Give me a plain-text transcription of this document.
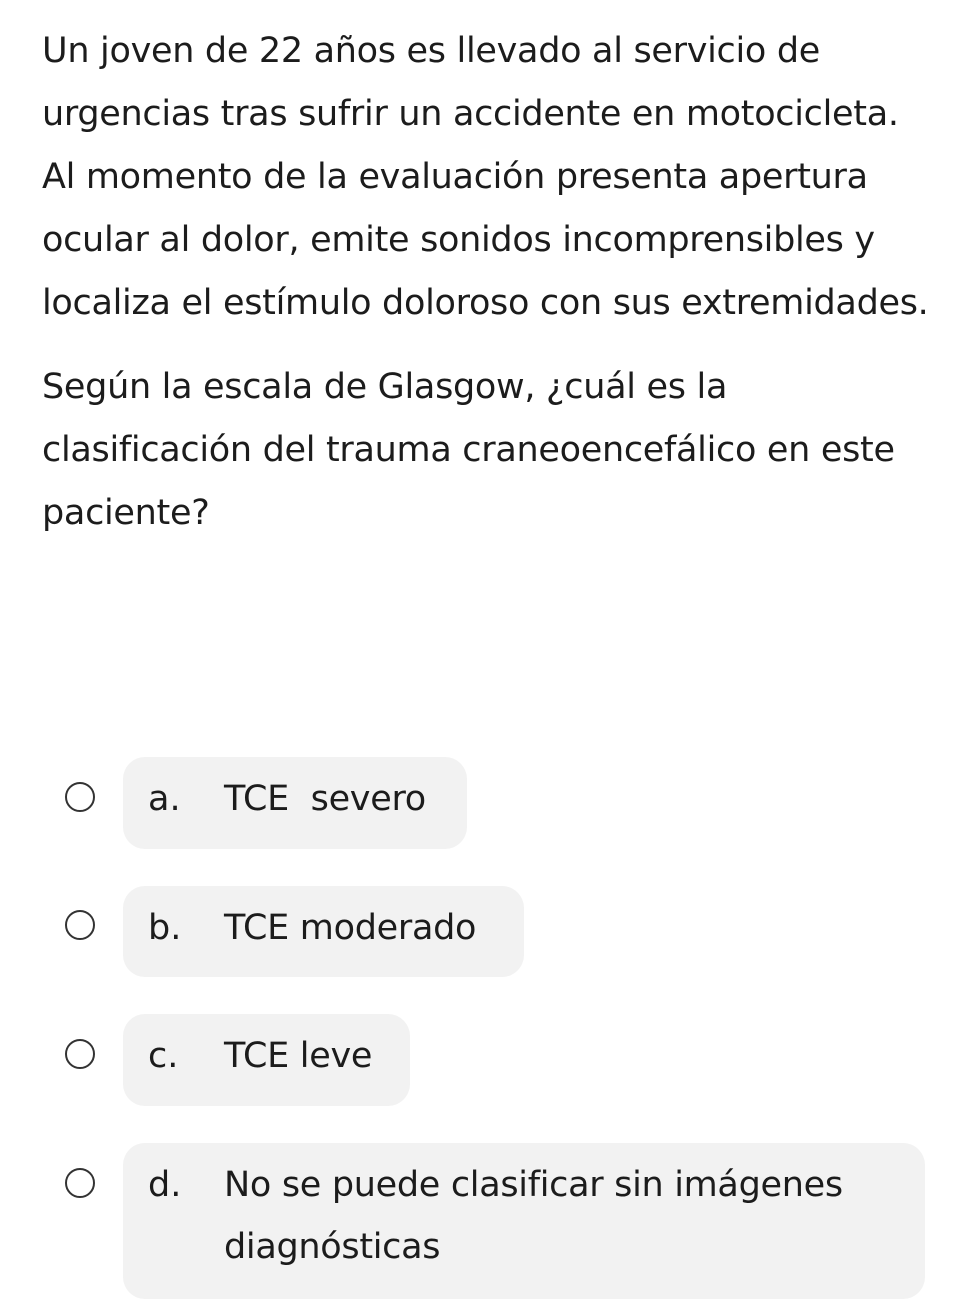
Un joven de 22 años es llevado al servicio de urgencias tras sufrir un accidente en motocicleta. Al momento de la evaluación presenta apertura ocular al dolor, emite sonidos incomprensibles y localiza el estímulo doloroso con sus extremidades.

Según la escala de Glasgow, ¿cuál es la clasificación del trauma craneoencefálico en este paciente?

a.	TCE  severo
b.	TCE moderado
c.	TCE leve
d.	No se puede clasificar sin imágenes diagnósticas
